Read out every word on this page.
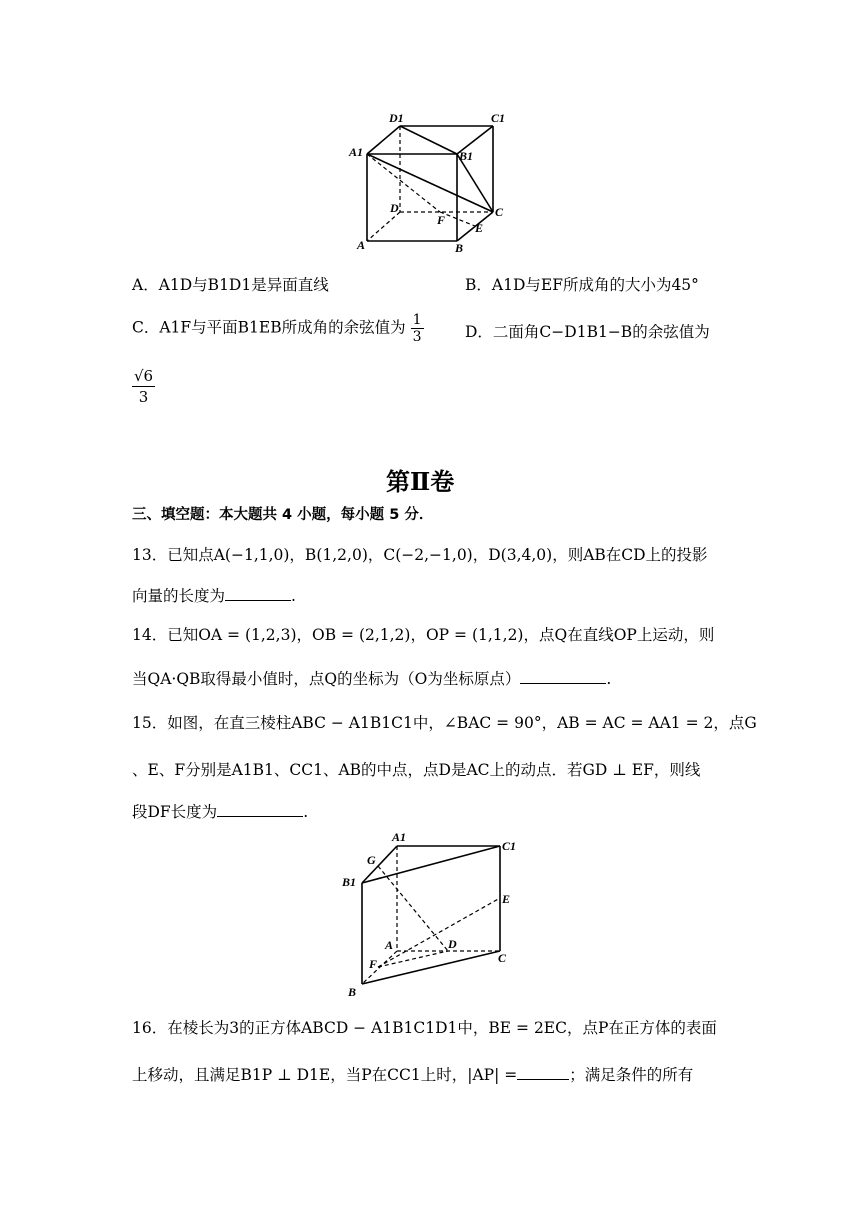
D1	C1
A1	B1
D
F
C
E
A	B
A．A1D与B1D1是异面直线	B．A1D与EF所成角的大小为45°
C．A1F与平面B1EB所成角的余弦值为 $\frac{1}{3}$	D．二面角C−D1B1−B的余弦值为
$\frac{√6}{3}$
第Ⅱ卷
三、填空题：本大题共 4 小题，每小题 5 分．
13．已知点A(−1,1,0)，B(1,2,0)，C(−2,−1,0)，D(3,4,0)，则AB在CD上的投影
向量的长度为	.
14．已知OA = (1,2,3)，OB = (2,1,2)，OP = (1,1,2)，点Q在直线OP上运动，则
当QA·QB取得最小值时，点Q的坐标为（O为坐标原点）	.
15．如图，在直三棱柱ABC − A1B1C1中，∠BAC = 90°，AB = AC = AA1 = 2，点G
、E、F分别是A1B1、CC1、AB的中点，点D是AC上的动点．若GD ⊥ EF，则线
段DF长度为	.
A1
C1
G
B1
E
A	D
C
F
B
16．在棱长为3的正方体ABCD − A1B1C1D1中，BE = 2EC，点P在正方体的表面
上移动，且满足B1P ⊥ D1E，当P在CC1上时，|AP| =	；满足条件的所有
